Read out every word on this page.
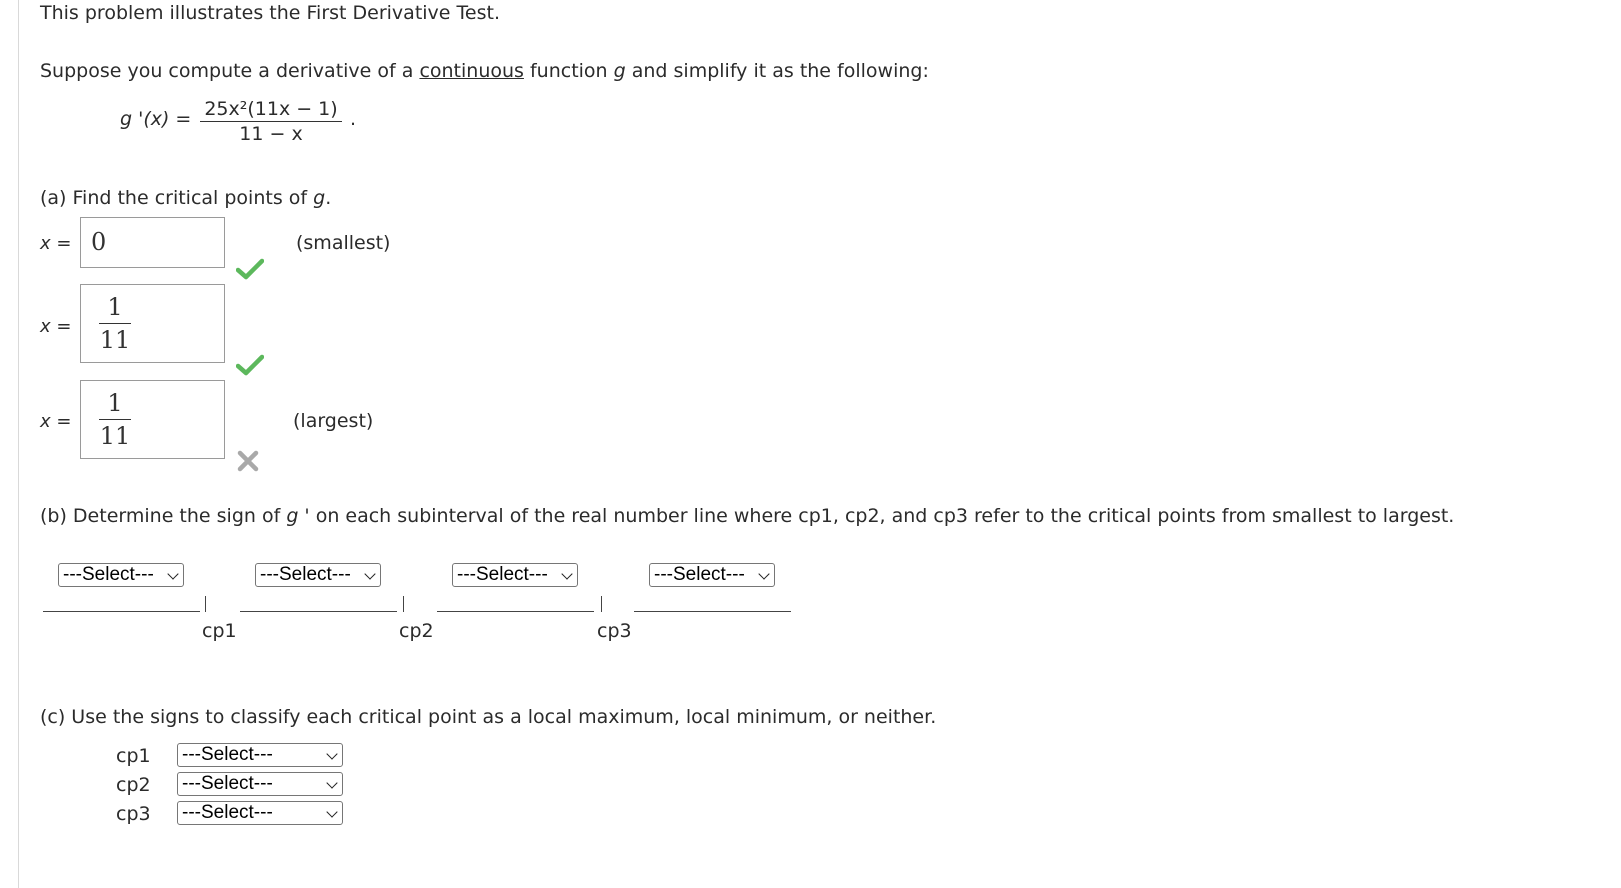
This problem illustrates the First Derivative Test.
Suppose you compute a derivative of a continuous function g and simplify it as the following:
g '(x) = 25x²(11x − 1)
11 − x
.
(a) Find the critical points of g.
x = 0	(smallest)
x =
1
11
x =
1
11
(largest)
(b) Determine the sign of g ' on each subinterval of the real number line where cp1, cp2, and cp3 refer to the critical points from smallest to largest.
---Select---	---Select---	---Select---	---Select---
cp1	cp2	cp3
(c) Use the signs to classify each critical point as a local maximum, local minimum, or neither.
cp1 ---Select---
cp2 ---Select---
cp3 ---Select---
